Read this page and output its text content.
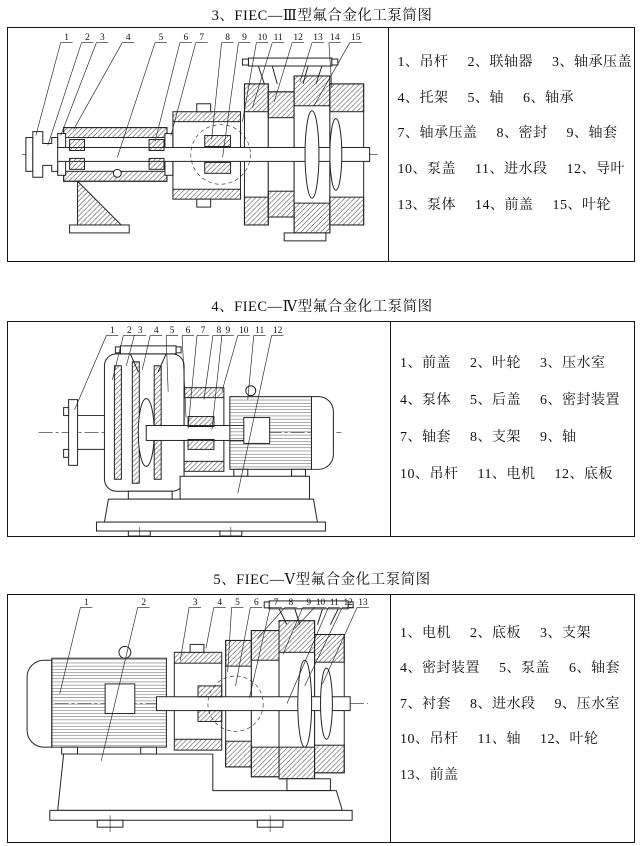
3、FIEC—Ⅲ型氟合金化工泵简图
1 2 3 4	5 6 7 8 9 10 11 12 13 14 15
1、吊杆 2、联轴器 3、轴承压盖
4、托架 5、轴 6、轴承
7、轴承压盖 8、密封 9、轴套
10、泵盖 11、进水段 12、导叶
13、泵体 14、前盖 15、叶轮
4、FIEC—Ⅳ型氟合金化工泵简图
1 2 3 4 5 6 7 8 9 10 11 12
1、前盖 2、叶轮 3、压水室
4、泵体 5、后盖 6、密封装置
7、轴套 8、支架 9、轴
10、吊杆 11、电机 12、底板
5、FIEC—Ⅴ型氟合金化工泵简图
1	2	3 4 5 6 7 8 9 10 11 12 13
1、电机 2、底板 3、支架
4、密封装置 5、泵盖 6、轴套
7、衬套 8、进水段 9、压水室
10、吊杆 11、轴 12、叶轮
13、前盖
